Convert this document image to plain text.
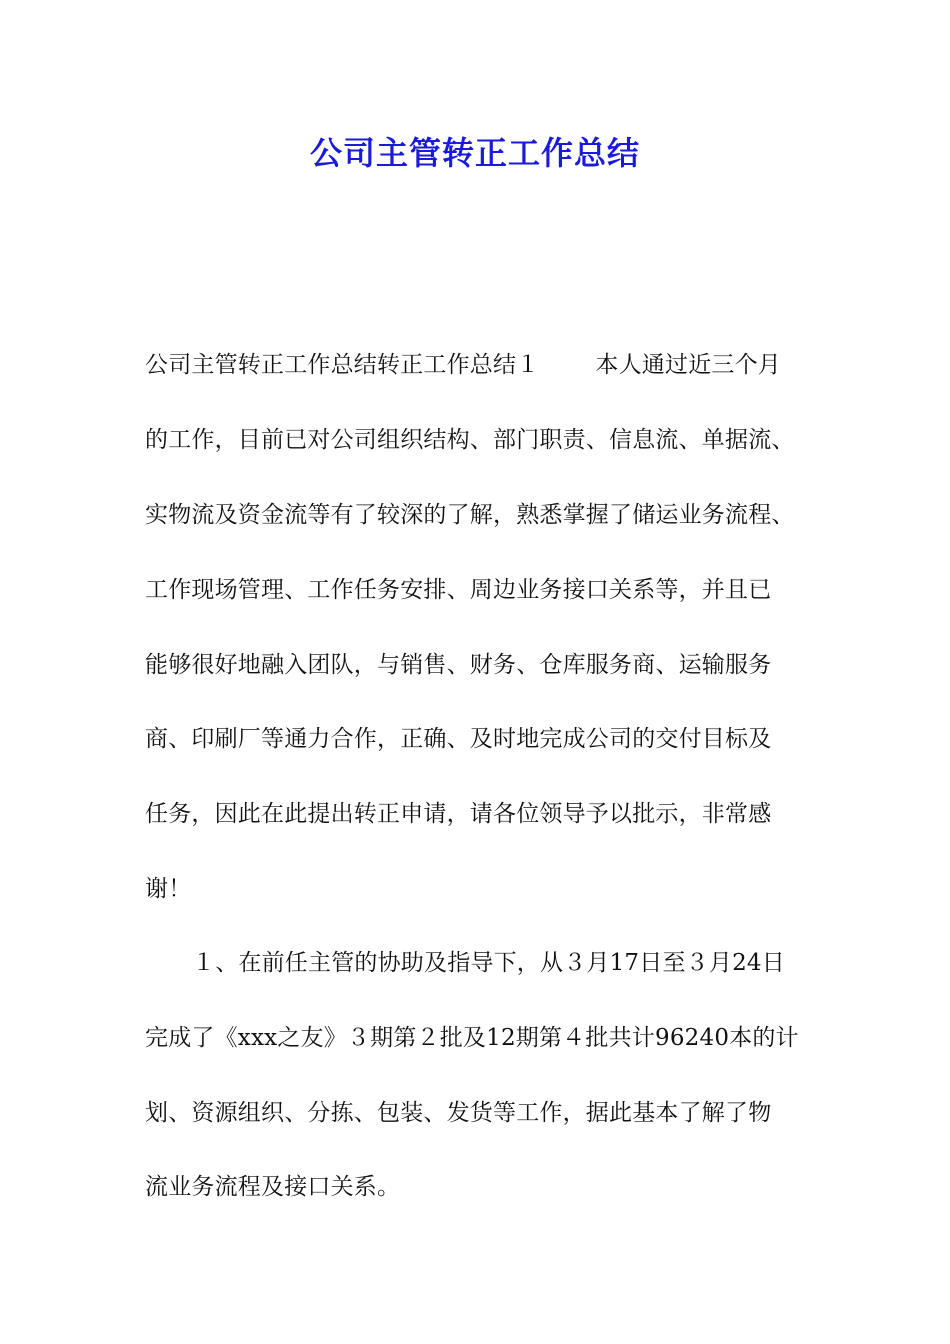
公司主管转正工作总结
公司主管转正工作总结转正工作总结１ 本人通过近三个月
的工作，目前已对公司组织结构、部门职责、信息流、单据流、
实物流及资金流等有了较深的了解，熟悉掌握了储运业务流程、
工作现场管理、工作任务安排、周边业务接口关系等，并且已
能够很好地融入团队，与销售、财务、仓库服务商、运输服务
商、印刷厂等通力合作，正确、及时地完成公司的交付目标及
任务，因此在此提出转正申请，请各位领导予以批示，非常感
谢！
１、在前任主管的协助及指导下，从３月17日至３月24日
完成了《xxx之友》３期第２批及12期第４批共计96240本的计
划、资源组织、分拣、包装、发货等工作，据此基本了解了物
流业务流程及接口关系。
